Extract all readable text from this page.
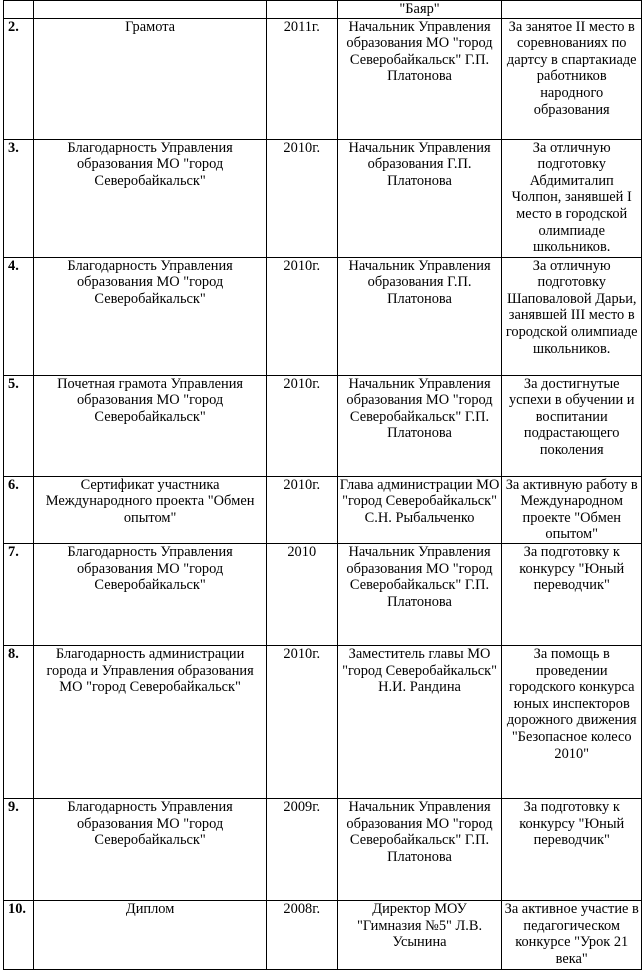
			"Баяр"	
2.	Грамота	2011г.	Начальник Управления образования МО "город Северобайкальск" Г.П. Платонова	За занятое II место в соревнованиях по дартсу в спартакиаде работников народного образования
3.	Благодарность Управления образования МО "город Северобайкальск"	2010г.	Начальник Управления образования Г.П. Платонова	За отличную подготовку Абдимиталип Чолпон, занявшей I место в городской олимпиаде школьников.
4.	Благодарность Управления образования МО "город Северобайкальск"	2010г.	Начальник Управления образования Г.П. Платонова	За отличную подготовку Шаповаловой Дарьи, занявшей III место в городской олимпиаде школьников.
5.	Почетная грамота Управления образования МО "город Северобайкальск"	2010г.	Начальник Управления образования МО "город Северобайкальск" Г.П. Платонова	За достигнутые успехи в обучении и воспитании подрастающего поколения
6.	Сертификат участника Международного проекта "Обмен опытом"	2010г.	Глава администрации МО "город Северобайкальск" С.Н. Рыбальченко	За активную работу в Международном проекте "Обмен опытом"
7.	Благодарность Управления образования МО "город Северобайкальск"	2010	Начальник Управления образования МО "город Северобайкальск" Г.П. Платонова	За подготовку к конкурсу "Юный переводчик"
8.	Благодарность администрации города и Управления образования МО "город Северобайкальск"	2010г.	Заместитель главы МО "город Северобайкальск" Н.И. Рандина	За помощь в проведении городского конкурса юных инспекторов дорожного движения "Безопасное колесо 2010"
9.	Благодарность Управления образования МО "город Северобайкальск"	2009г.	Начальник Управления образования МО "город Северобайкальск" Г.П. Платонова	За подготовку к конкурсу "Юный переводчик"
10.	Диплом	2008г.	Директор МОУ "Гимназия №5" Л.В. Усынина	За активное участие в педагогическом конкурсе "Урок 21 века"
